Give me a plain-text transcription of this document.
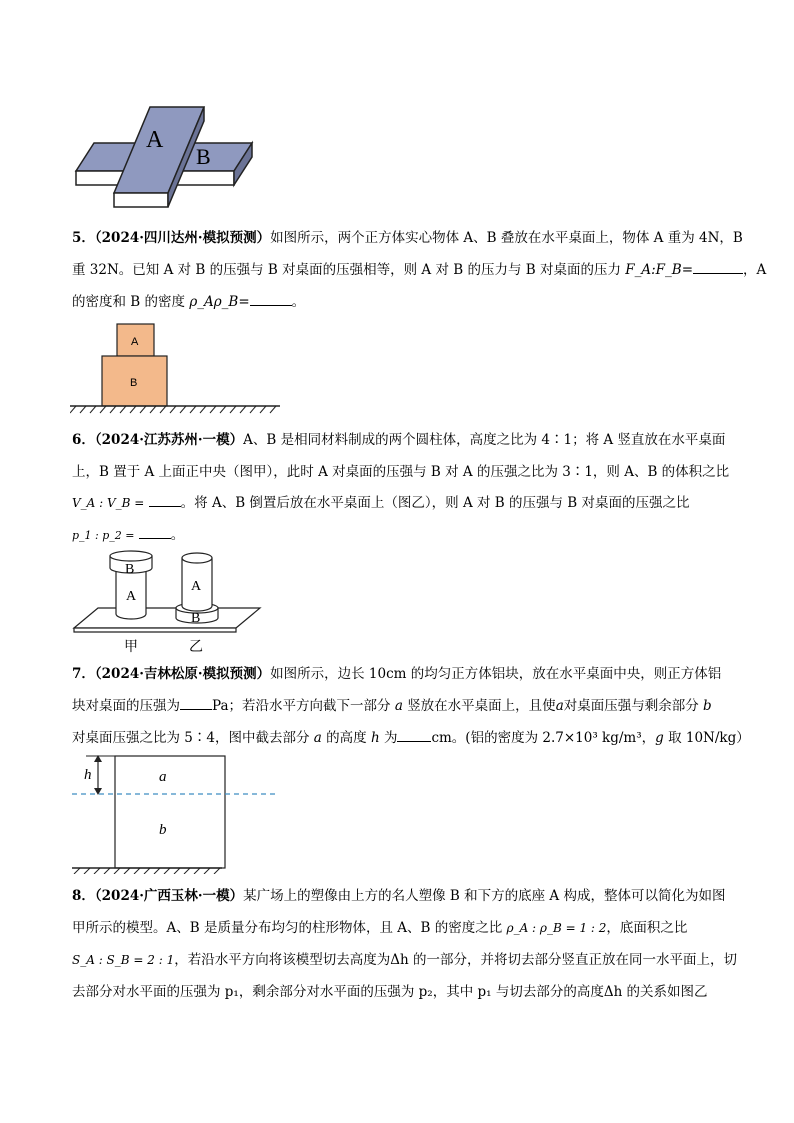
A
B
5．（2024·四川达州·模拟预测）如图所示，两个正方体实心物体 A、B 叠放在水平桌面上，物体 A 重为 4N，B
重 32N。已知 A 对 B 的压强与 B 对桌面的压强相等，则 A 对 B 的压力与 B 对桌面的压力 F_A:F_B=	，A
的密度和 B 的密度 ρ_Aρ_B=	。
A
B
6．（2024·江苏苏州·一模）A、B 是相同材料制成的两个圆柱体，高度之比为 4∶1；将 A 竖直放在水平桌面
上，B 置于 A 上面正中央（图甲），此时 A 对桌面的压强与 B 对 A 的压强之比为 3∶1，则 A、B 的体积之比
V_A : V_B =	。将 A、B 倒置后放在水平桌面上（图乙），则 A 对 B 的压强与 B 对桌面的压强之比
p_1 : p_2 =	。
B
A
A
B
甲	乙
7．（2024·吉林松原·模拟预测）如图所示，边长 10cm 的均匀正方体铝块，放在水平桌面中央，则正方体铝
块对桌面的压强为 Pa；若沿水平方向截下一部分 a 竖放在水平桌面上，且使a对桌面压强与剩余部分 b
对桌面压强之比为 5∶4，图中截去部分 a 的高度 h 为	cm。(铝的密度为 2.7×10³ kg/m³，g 取 10N/kg）
h	a
b
8．（2024·广西玉林·一模）某广场上的塑像由上方的名人塑像 B 和下方的底座 A 构成，整体可以简化为如图
甲所示的模型。A、B 是质量分布均匀的柱形物体，且 A、B 的密度之比 ρ_A : ρ_B = 1 : 2，底面积之比
S_A : S_B = 2 : 1，若沿水平方向将该模型切去高度为Δh 的一部分，并将切去部分竖直正放在同一水平面上，切
去部分对水平面的压强为 p₁，剩余部分对水平面的压强为 p₂，其中 p₁ 与切去部分的高度Δh 的关系如图乙
